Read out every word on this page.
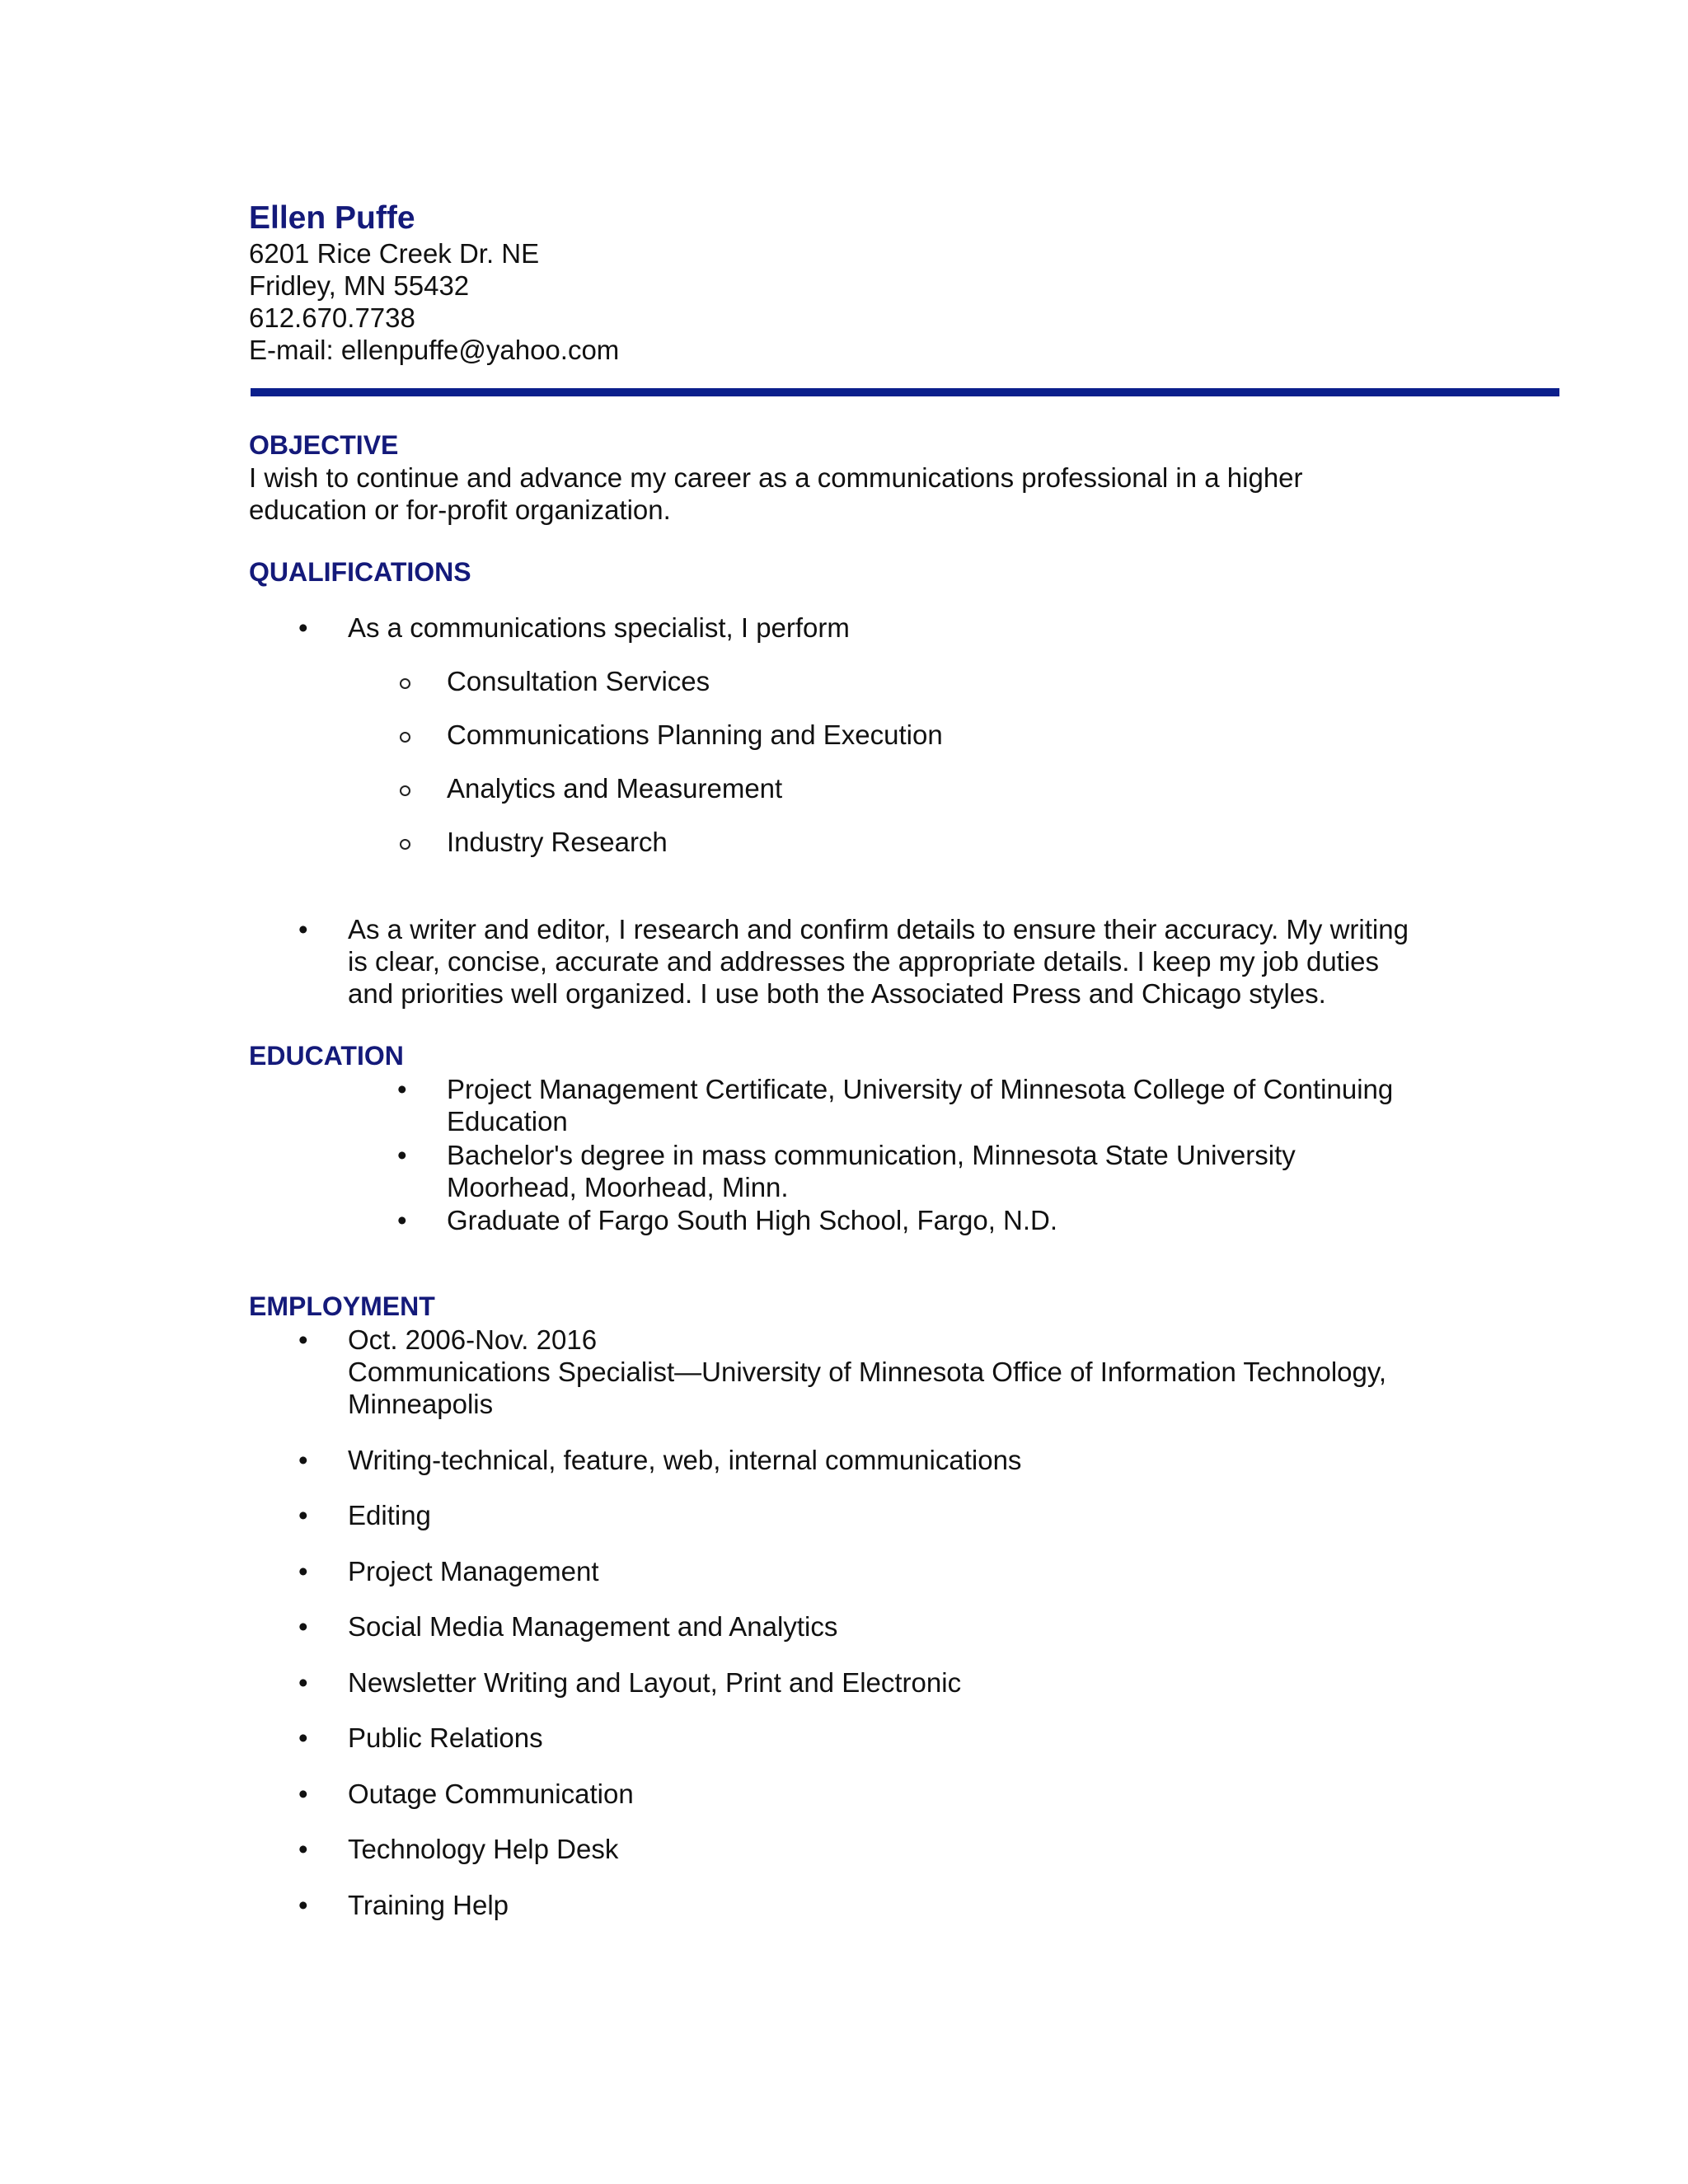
Ellen Puffe
6201 Rice Creek Dr. NE
Fridley, MN 55432
612.670.7738
E-mail: ellenpuffe@yahoo.com
OBJECTIVE
I wish to continue and advance my career as a communications professional in a higher
education or for-profit organization.
QUALIFICATIONS
• As a communications specialist, I perform
Consultation Services
Communications Planning and Execution
Analytics and Measurement
Industry Research
• As a writer and editor, I research and confirm details to ensure their accuracy. My writing
is clear, concise, accurate and addresses the appropriate details. I keep my job duties
and priorities well organized. I use both the Associated Press and Chicago styles.
EDUCATION
• Project Management Certificate, University of Minnesota College of Continuing
Education
• Bachelor's degree in mass communication, Minnesota State University
Moorhead, Moorhead, Minn.
• Graduate of Fargo South High School, Fargo, N.D.
EMPLOYMENT
• Oct. 2006-Nov. 2016
Communications Specialist—University of Minnesota Office of Information Technology,
Minneapolis
• Writing-technical, feature, web, internal communications
• Editing
• Project Management
• Social Media Management and Analytics
• Newsletter Writing and Layout, Print and Electronic
• Public Relations
• Outage Communication
• Technology Help Desk
• Training Help
